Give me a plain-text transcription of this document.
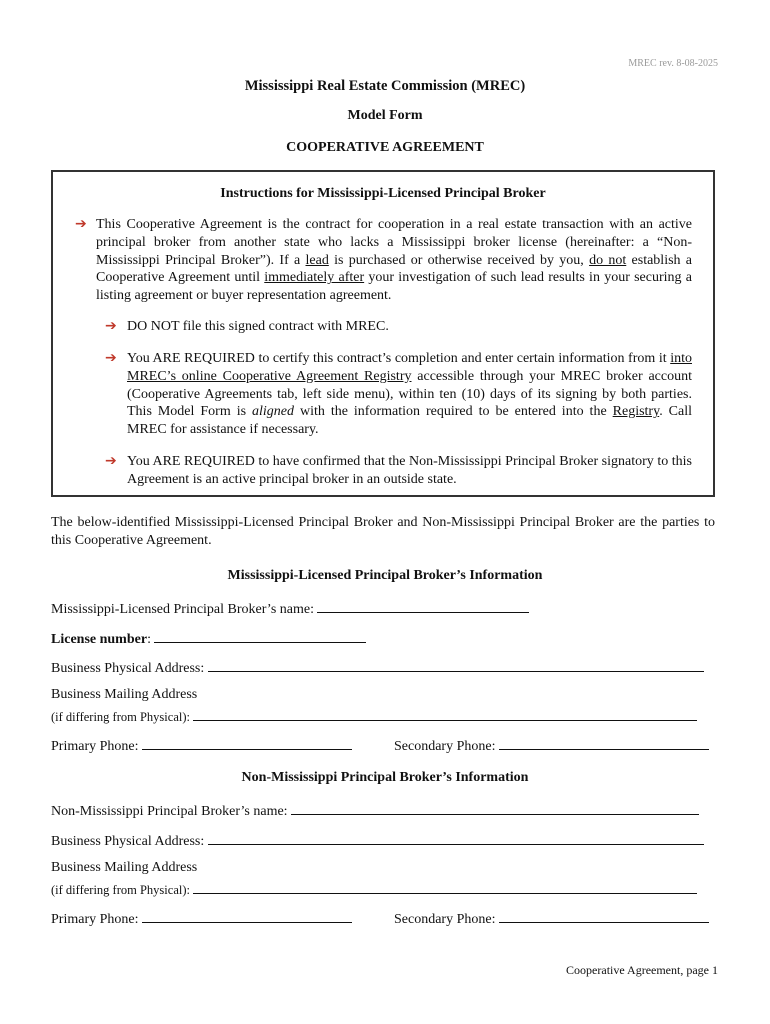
MREC rev. 8-08-2025
Mississippi Real Estate Commission (MREC)
Model Form
COOPERATIVE AGREEMENT
Instructions for Mississippi-Licensed Principal Broker
➔ This Cooperative Agreement is the contract for cooperation in a real estate transaction with an active principal broker from another state who lacks a Mississippi broker license (hereinafter: a “Non-Mississippi Principal Broker”). If a lead is purchased or otherwise received by you, do not establish a Cooperative Agreement until immediately after your investigation of such lead results in your securing a listing agreement or buyer representation agreement.
➔ DO NOT file this signed contract with MREC.
➔ You ARE REQUIRED to certify this contract’s completion and enter certain information from it into MREC’s online Cooperative Agreement Registry accessible through your MREC broker account (Cooperative Agreements tab, left side menu), within ten (10) days of its signing by both parties. This Model Form is aligned with the information required to be entered into the Registry. Call MREC for assistance if necessary.
➔ You ARE REQUIRED to have confirmed that the Non-Mississippi Principal Broker signatory to this Agreement is an active principal broker in an outside state.
The below-identified Mississippi-Licensed Principal Broker and Non-Mississippi Principal Broker are the parties to this Cooperative Agreement.
Mississippi-Licensed Principal Broker’s Information
Mississippi-Licensed Principal Broker’s name:
License number:
Business Physical Address:
Business Mailing Address
(if differing from Physical):
Primary Phone:	Secondary Phone:
Non-Mississippi Principal Broker’s Information
Non-Mississippi Principal Broker’s name:
Business Physical Address:
Business Mailing Address
(if differing from Physical):
Primary Phone:	Secondary Phone:
Cooperative Agreement, page 1
